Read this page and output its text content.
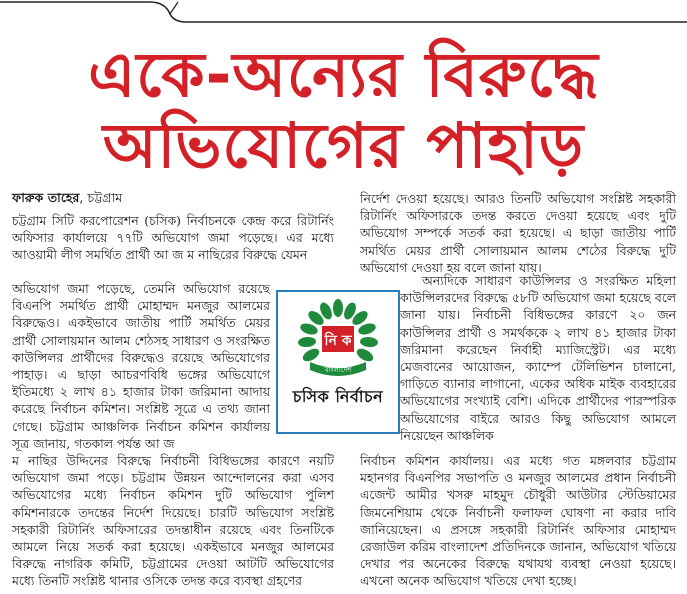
একে-অন্যের বিরুদ্ধে
অভিযোগের পাহাড়
ফারুক তাহের, চট্টগ্রাম

চট্টগ্রাম সিটি করপোরেশন (চসিক) নির্বাচনকে কেন্দ্র করে রিটার্নিং অফিসার কার্যালয়ে ৭৭টি অভিযোগ জমা পড়েছে। এর মধ্যে আওয়ামী লীগ সমর্থিত প্রার্থী আ জ ম নাছিরের বিরুদ্ধে যেমন

অভিযোগ জমা পড়েছে, তেমনি অভিযোগ রয়েছে বিএনপি সমর্থিত প্রার্থী মোহাম্মদ মনজুর আলমের বিরুদ্ধেও। একইভাবে জাতীয় পার্টি সমর্থিত মেয়র প্রার্থী সোলায়মান আলম শেঠসহ সাধারণ ও সংরক্ষিত কাউন্সিলর প্রার্থীদের বিরুদ্ধেও রয়েছে অভিযোগের পাহাড়। এ ছাড়া আচরণবিধি ভঙ্গের অভিযোগে ইতিমধ্যে ২ লাখ ৪১ হাজার টাকা জরিমানা আদায় করেছে নির্বাচন কমিশন। সংশ্লিষ্ট সূত্রে এ তথ্য জানা গেছে। চট্টগ্রাম আঞ্চলিক নির্বাচন কমিশন কার্যালয় সূত্র জানায়, গতকাল পর্যন্ত আ জ

ম নাছির উদ্দিনের বিরুদ্ধে নির্বাচনী বিধিভঙ্গের কারণে নয়টি অভিযোগ জমা পড়ে। চট্টগ্রাম উন্নয়ন আন্দোলনের করা এসব অভিযোগের মধ্যে নির্বাচন কমিশন দুটি অভিযোগ পুলিশ কমিশনারকে তদন্তের নির্দেশ দিয়েছে। চারটি অভিযোগ সংশ্লিষ্ট সহকারী রিটার্নিং অফিসারের তদন্তাধীন রয়েছে এবং তিনটিকে আমলে নিয়ে সতর্ক করা হয়েছে। একইভাবে মনজুর আলমের বিরুদ্ধে নাগরিক কমিটি, চট্টগ্রামের দেওয়া আটটি অভিযোগের মধ্যে তিনটি সংশ্লিষ্ট থানার ওসিকে তদন্ত করে ব্যবস্থা গ্রহণের

নির্দেশ দেওয়া হয়েছে। আরও তিনটি অভিযোগ সংশ্লিষ্ট সহকারী রিটার্নিং অফিসারকে তদন্ত করতে দেওয়া হয়েছে এবং দুটি অভিযোগ সম্পর্কে সতর্ক করা হয়েছে। এ ছাড়া জাতীয় পার্টি সমর্থিত মেয়র প্রার্থী সোলায়মান আলম শেঠের বিরুদ্ধে দুটি অভিযোগ দেওয়া হয় বলে জানা যায়।

অন্যদিকে সাধারণ কাউন্সিলর ও সংরক্ষিত মহিলা কাউন্সিলরদের বিরুদ্ধে ৫৮টি অভিযোগ জমা হয়েছে বলে জানা যায়। নির্বাচনী বিধিভঙ্গের কারণে ২০ জন কাউন্সিলর প্রার্থী ও সমর্থককে ২ লাখ ৪১ হাজার টাকা জরিমানা করেছেন নির্বাহী ম্যাজিস্ট্রেট। এর মধ্যে মেজবানের আয়োজন, ক্যাম্পে টেলিভিশন চালানো, গাড়িতে ব্যানার লাগানো, একের অধিক মাইক ব্যবহারের অভিযোগের সংখ্যাই বেশি। এদিকে প্রার্থীদের পারস্পরিক অভিযোগের বাইরে আরও কিছু অভিযোগ আমলে নিয়েছেন আঞ্চলিক

নির্বাচন কমিশন কার্যালয়। এর মধ্যে গত মঙ্গলবার চট্টগ্রাম মহানগর বিএনপির সভাপতি ও মনজুর আলমের প্রধান নির্বাচনী এজেন্ট আমীর খসরু মাহমুদ চৌধুরী আউটার স্টেডিয়ামের জিমনেশিয়াম থেকে নির্বাচনী ফলাফল ঘোষণা না করার দাবি জানিয়েছেন। এ প্রসঙ্গে সহকারী রিটার্নিং অফিসার মোহাম্মদ রেজাউল করিম বাংলাদেশ প্রতিদিনকে জানান, অভিযোগ খতিয়ে দেখার পর অনেকের বিরুদ্ধে যথাযথ ব্যবস্থা নেওয়া হয়েছে। এখনো অনেক অভিযোগ খতিয়ে দেখা হচ্ছে।

নি ক
বাংলাদেশ
চসিক নির্বাচন
